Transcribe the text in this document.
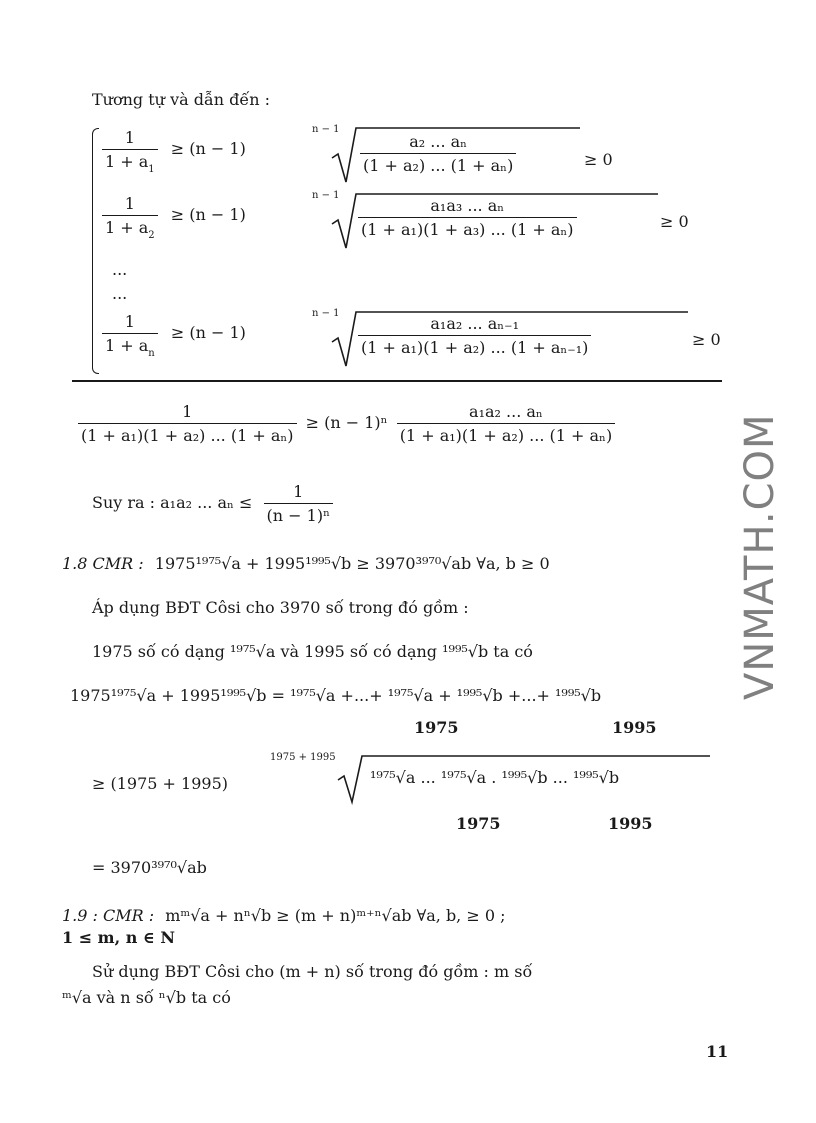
Tương tự và dẫn đến :
$\frac{1}{1 + a_1} \ge (n - 1)$
n − 1
$\frac{\text{a₂ ... aₙ}}{\text{(1 + a₂) ... (1 + aₙ)}}$	≥ 0
$\frac{1}{1 + a_2} \ge (n - 1)$
n − 1
$\frac{\text{a₁a₃ ... aₙ}}{\text{(1 + a₁)(1 + a₃) ... (1 + aₙ)}}$	≥ 0
...
...
$\frac{1}{1 + a_n} \ge (n - 1)$
n − 1
$\frac{\text{a₁a₂ ... aₙ₋₁}}{\text{(1 + a₁)(1 + a₂) ... (1 + aₙ₋₁)}}$	≥ 0
$\frac{1}{\text{(1 + a₁)(1 + a₂) ... (1 + aₙ)}} \ge (n - 1)^n \frac{\text{a₁a₂ ... aₙ}}{\text{(1 + a₁)(1 + a₂) ... (1 + aₙ)}}$
Suy ra : a₁a₂ ... $a_n \le \frac{1}{\text{(n − 1)ⁿ}}$
1.8 CMR : 1975¹⁹⁷⁵√a + 1995¹⁹⁹⁵√b ≥ 3970³⁹⁷⁰√ab ∀a, b ≥ 0
Áp dụng BĐT Côsi cho 3970 số trong đó gồm :
1975 số có dạng ¹⁹⁷⁵√a và 1995 số có dạng ¹⁹⁹⁵√b ta có
1975¹⁹⁷⁵√a + 1995¹⁹⁹⁵√b = ¹⁹⁷⁵√a +...+ ¹⁹⁷⁵√a + ¹⁹⁹⁵√b +...+ ¹⁹⁹⁵√b
1975	1995
≥ (1975 + 1995)
1975 + 1995
¹⁹⁷⁵√a ... ¹⁹⁷⁵√a . ¹⁹⁹⁵√b ... ¹⁹⁹⁵√b
1975	1995
= 3970³⁹⁷⁰√ab
1.9 : CMR : mᵐ√a + nⁿ√b ≥ (m + n)ᵐ⁺ⁿ√ab ∀a, b, ≥ 0 ;
1 ≤ m, n ∈ N
Sử dụng BĐT Côsi cho (m + n) số trong đó gồm : m số
ᵐ√a và n số ⁿ√b ta có
11
VNMATH.COM
